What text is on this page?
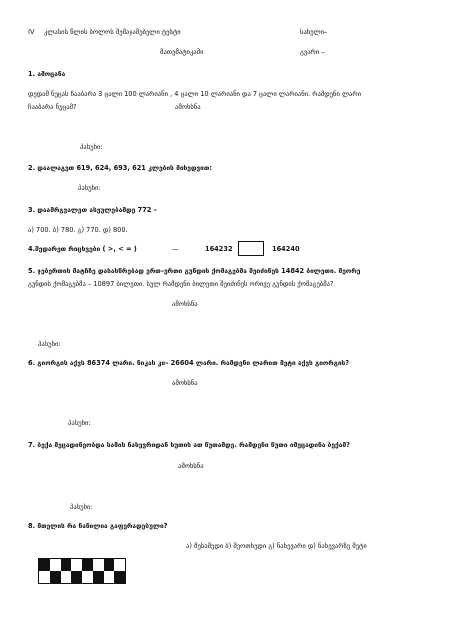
IV კლასის წლის ბოლოს შემაჯამებელი ტესტი	სახელი–
მათემატიკაში	გვარი –
1. ამოცანა
დედამ ნუცას ჩააბარა 3 ცალი 100 ლარიანი , 4 ცალი 10 ლარიანი და 7 ცალი ლარიანი. რამდენი ლარი
ჩააბარა ნუცამ?	ამოხსნა
პასუხი:
2. დაალაგეთ 619, 624, 693, 621 კლების მიხედვით:
პასუხი:
3. დაამრგვალეთ ასეულებამდე 772 –
ა) 700. ბ) 780. გ) 770. დ) 800.
4.შედარეთ რიცხვები ( >, < = )	—	164232	164240
5. ჯებერთის მატჩზე დასასწრებად ერთ–ერთი გუნდის ქომაგებმა შეიძინეს 14842 ბილეთი. მეორე
გუნდის ქომაგებმა – 10897 ბილეთი. სულ რამდენი ბილეთი შეიძინეს ორივე გუნდის ქომაგებმა?
ამოხსნა
პასუხი:
6. გიორგის აქვს 86374 ლარი. ნიკას კი– 26604 ლარი. რამდენი ლარით მეტი აქვს გიორგის?
ამოხსნა
პასუხი:
7. ბექა მეცადინეობდა სამის ნახევრიდან ხუთის ათ წუთამდე. რამდენი წუთი იმეცადინა ბექამ?
ამოხსნა
პასუხი:
8. მთელის რა ნაწილია გაფერადებული?
ა) მესამედი ბ) მეოთხედი გ) ნახევარი დ) ნახევარზე მეტი
